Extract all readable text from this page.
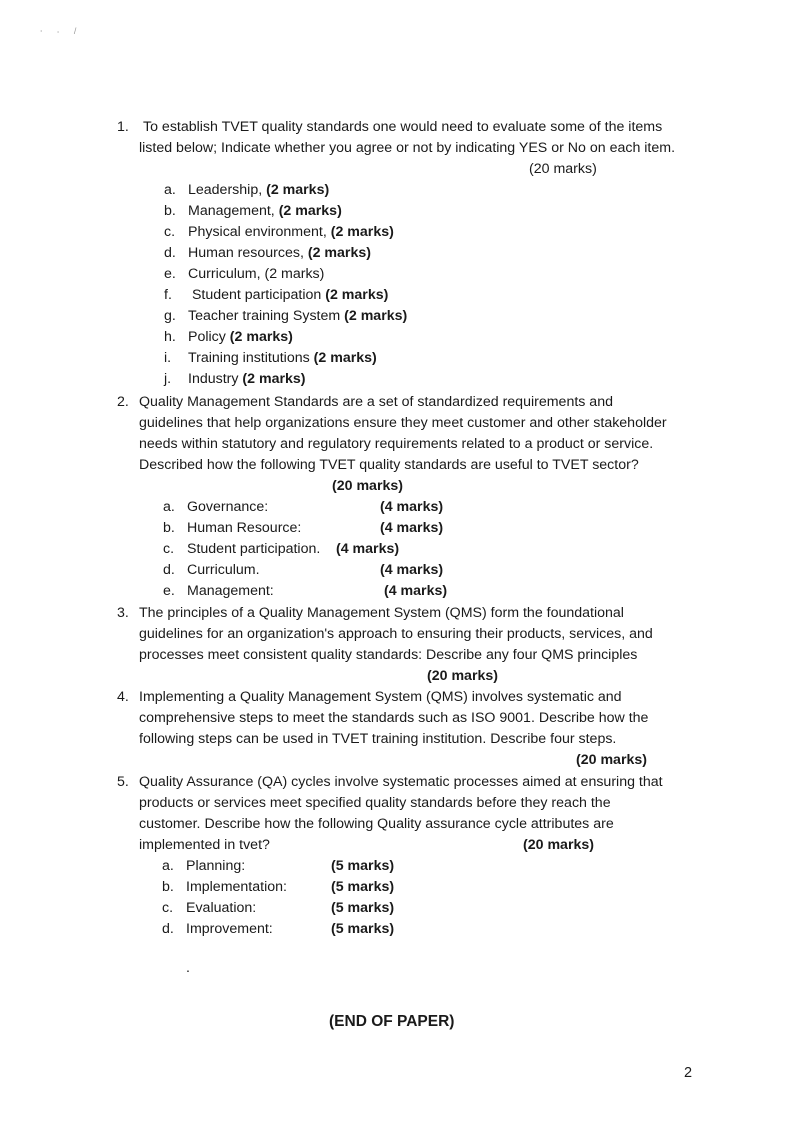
⸱ ⸳ /
1. To establish TVET quality standards one would need to evaluate some of the items
listed below; Indicate whether you agree or not by indicating YES or No on each item.
(20 marks)
a. Leadership, (2 marks)
b. Management, (2 marks)
c. Physical environment, (2 marks)
d. Human resources, (2 marks)
e. Curriculum, (2 marks)
f. Student participation (2 marks)
g. Teacher training System (2 marks)
h. Policy (2 marks)
i. Training institutions (2 marks)
j. Industry (2 marks)
2. Quality Management Standards are a set of standardized requirements and
guidelines that help organizations ensure they meet customer and other stakeholder
needs within statutory and regulatory requirements related to a product or service.
Described how the following TVET quality standards are useful to TVET sector?
(20 marks)
a. Governance:	(4 marks)
b. Human Resource:	(4 marks)
c. Student participation. (4 marks)
d. Curriculum.	(4 marks)
e. Management:	(4 marks)
3. The principles of a Quality Management System (QMS) form the foundational
guidelines for an organization's approach to ensuring their products, services, and
processes meet consistent quality standards: Describe any four QMS principles
(20 marks)
4. Implementing a Quality Management System (QMS) involves systematic and
comprehensive steps to meet the standards such as ISO 9001. Describe how the
following steps can be used in TVET training institution. Describe four steps.
(20 marks)
5. Quality Assurance (QA) cycles involve systematic processes aimed at ensuring that
products or services meet specified quality standards before they reach the
customer. Describe how the following Quality assurance cycle attributes are
implemented in tvet?	(20 marks)
a. Planning:	(5 marks)
b. Implementation:	(5 marks)
c. Evaluation:	(5 marks)
d. Improvement:	(5 marks)
.
(END OF PAPER)
2
